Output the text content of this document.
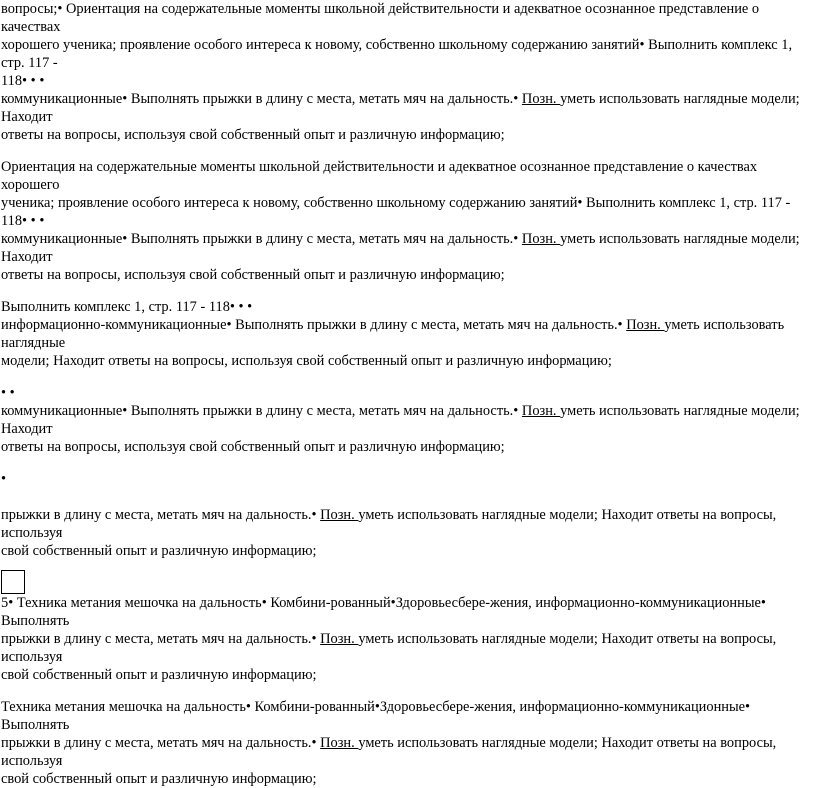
вопросы;• Ориентация на содержательные моменты школьной действительности и адекватное осознанное представление о качествах
хорошего ученика; проявление особого интереса к новому, собственно школьному содержанию занятий• Выполнить комплекс 1, стр. 117 -
118• • •
коммуникационные• Выполнять прыжки в длину с места, метать мяч на дальность.• Позн. уметь использовать наглядные модели; Находит
ответы на вопросы, используя свой собственный опыт и различную информацию;
Ориентация на содержательные моменты школьной действительности и адекватное осознанное представление о качествах хорошего
ученика; проявление особого интереса к новому, собственно школьному содержанию занятий• Выполнить комплекс 1, стр. 117 -
118• • •
коммуникационные• Выполнять прыжки в длину с места, метать мяч на дальность.• Позн. уметь использовать наглядные модели; Находит
ответы на вопросы, используя свой собственный опыт и различную информацию;
Выполнить комплекс 1, стр. 117 - 118• • •
информационно-коммуникационные• Выполнять прыжки в длину с места, метать мяч на дальность.• Позн. уметь использовать наглядные
модели; Находит ответы на вопросы, используя свой собственный опыт и различную информацию;
• •
коммуникационные• Выполнять прыжки в длину с места, метать мяч на дальность.• Позн. уметь использовать наглядные модели; Находит
ответы на вопросы, используя свой собственный опыт и различную информацию;
•
прыжки в длину с места, метать мяч на дальность.• Позн. уметь использовать наглядные модели; Находит ответы на вопросы, используя
свой собственный опыт и различную информацию;
5• Техника метания мешочка на дальность• Комбини-рованный•Здоровьесбере-жения, информационно-коммуникационные• Выполнять
прыжки в длину с места, метать мяч на дальность.• Позн. уметь использовать наглядные модели; Находит ответы на вопросы, используя
свой собственный опыт и различную информацию;
Техника метания мешочка на дальность• Комбини-рованный•Здоровьесбере-жения, информационно-коммуникационные• Выполнять
прыжки в длину с места, метать мяч на дальность.• Позн. уметь использовать наглядные модели; Находит ответы на вопросы, используя
свой собственный опыт и различную информацию;
